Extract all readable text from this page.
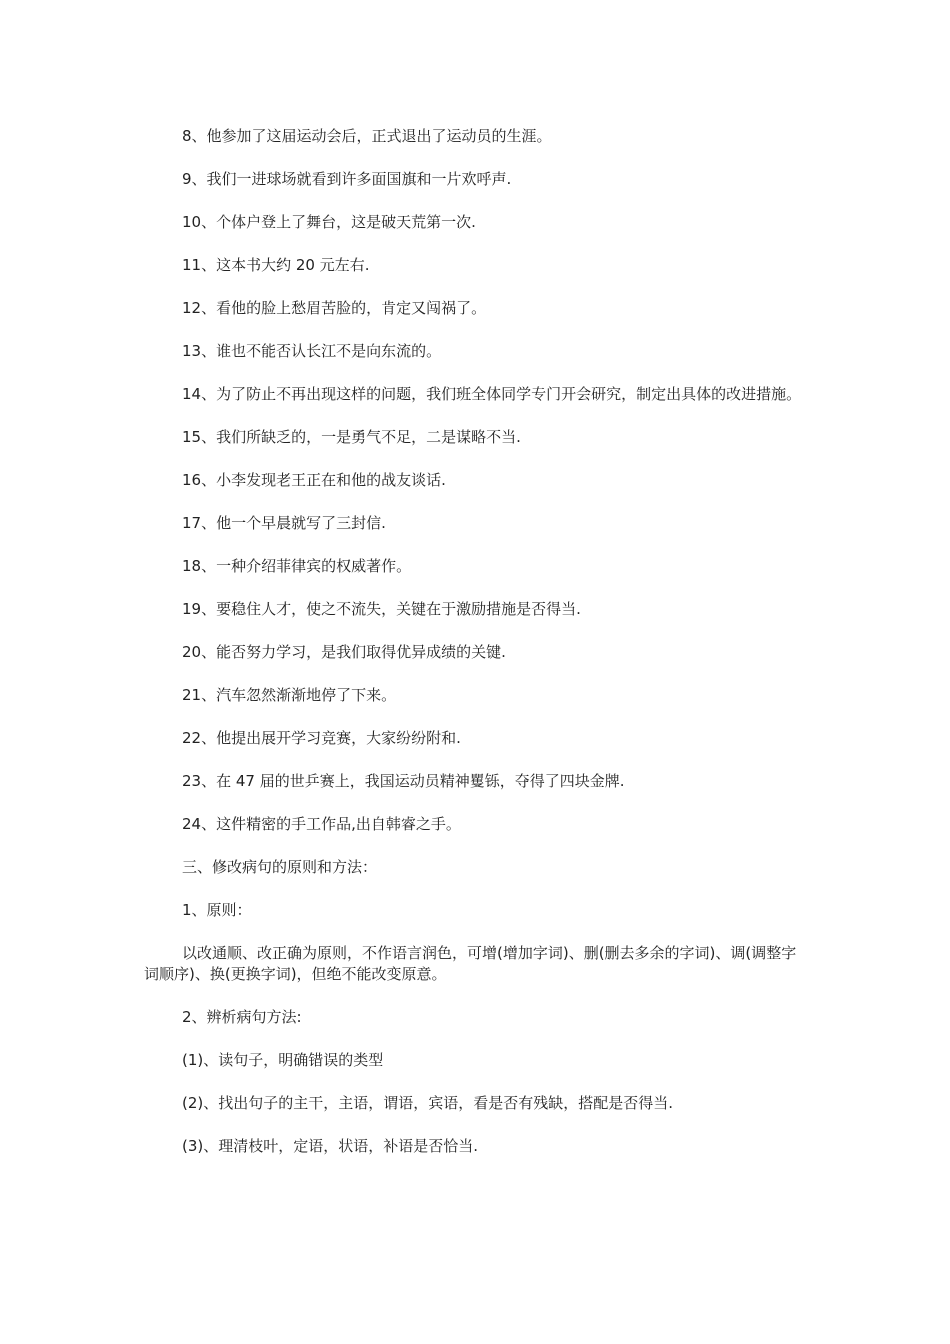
8、他参加了这届运动会后，正式退出了运动员的生涯。

9、我们一进球场就看到许多面国旗和一片欢呼声.

10、个体户登上了舞台，这是破天荒第一次.

11、这本书大约 20 元左右.

12、看他的脸上愁眉苦脸的，肯定又闯祸了。

13、谁也不能否认长江不是向东流的。

14、为了防止不再出现这样的问题，我们班全体同学专门开会研究，制定出具体的改进措施。

15、我们所缺乏的，一是勇气不足，二是谋略不当.

16、小李发现老王正在和他的战友谈话.

17、他一个早晨就写了三封信.

18、一种介绍菲律宾的权威著作。

19、要稳住人才，使之不流失，关键在于激励措施是否得当.

20、能否努力学习，是我们取得优异成绩的关键.

21、汽车忽然渐渐地停了下来。

22、他提出展开学习竞赛，大家纷纷附和.

23、在 47 届的世乒赛上，我国运动员精神矍铄，夺得了四块金牌.

24、这件精密的手工作品,出自韩睿之手。

三、修改病句的原则和方法：

1、原则：

以改通顺、改正确为原则，不作语言润色，可增(增加字词)、删(删去多余的字词)、调(调整字词顺序)、换(更换字词)，但绝不能改变原意。

2、辨析病句方法:

(1)、读句子，明确错误的类型

(2)、找出句子的主干，主语，谓语，宾语，看是否有残缺，搭配是否得当.

(3)、理清枝叶，定语，状语，补语是否恰当.
